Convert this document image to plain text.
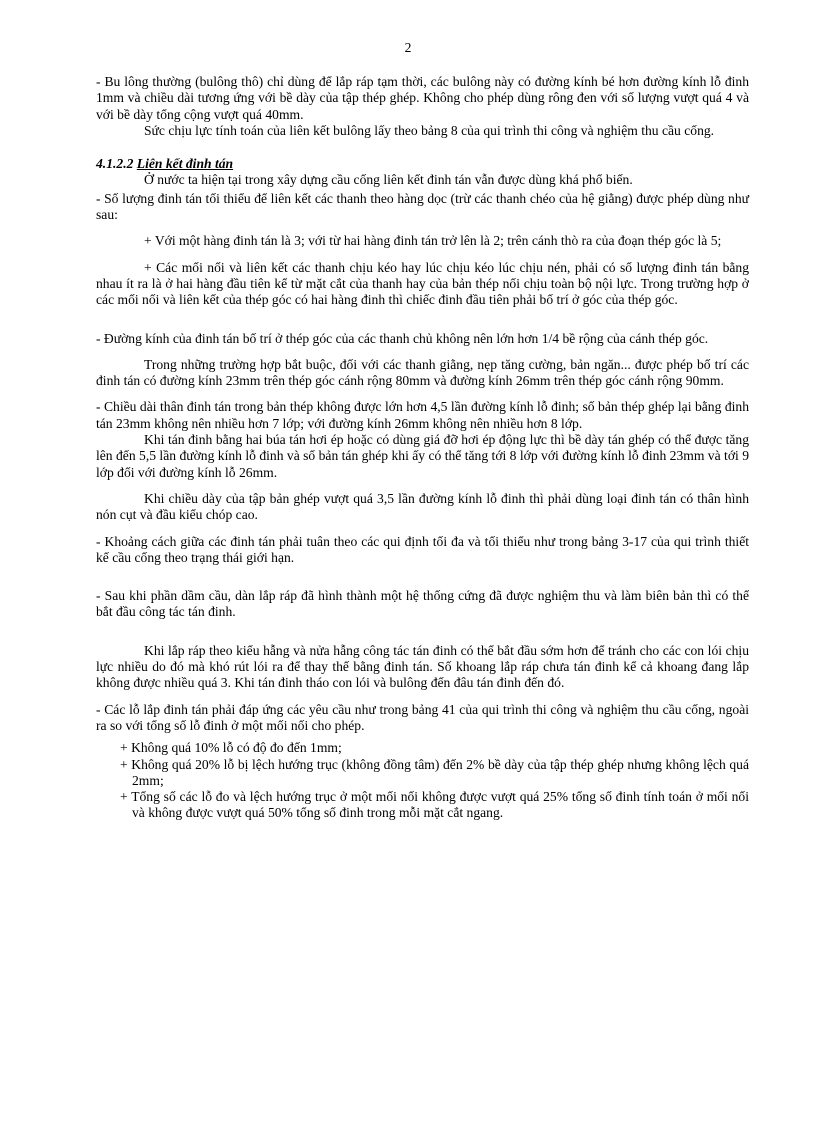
2

- Bu lông thường (bulông thô) chỉ dùng để lắp ráp tạm thời, các bulông này có đường kính bé hơn đường kính lỗ đinh 1mm và chiều dài tương ứng với bề dày của tập thép ghép. Không cho phép dùng rông đen với số lượng vượt quá 4 và với bề dày tổng cộng vượt quá 40mm.

Sức chịu lực tính toán của liên kết bulông lấy theo bảng 8 của qui trình thi công và nghiệm thu cầu cống.

4.1.2.2 Liên kết đinh tán

Ở nước ta hiện tại trong xây dựng cầu cống liên kết đinh tán vẫn được dùng khá phổ biến.

- Số lượng đinh tán tối thiểu để liên kết các thanh theo hàng dọc (trừ các thanh chéo của hệ giằng) được phép dùng như sau:

+ Với một hàng đinh tán là 3; với từ hai hàng đinh tán trở lên là 2; trên cánh thò ra của đoạn thép góc là 5;

+ Các mối nối và liên kết các thanh chịu kéo hay lúc chịu kéo lúc chịu nén, phải có số lượng đinh tán bằng nhau ít ra là ở hai hàng đầu tiên kể từ mặt cắt của thanh hay của bản thép nối chịu toàn bộ nội lực. Trong trường hợp ở các mối nối và liên kết của thép góc có hai hàng đinh thì chiếc đinh đầu tiên phải bố trí ở góc của thép góc.

- Đường kính của đinh tán bố trí ở thép góc của các thanh chủ không nên lớn hơn 1/4 bề rộng của cánh thép góc.

Trong những trường hợp bắt buộc, đối với các thanh giằng, nẹp tăng cường, bản ngăn... được phép bố trí các đinh tán có đường kính 23mm trên thép góc cánh rộng 80mm và đường kính 26mm trên thép góc cánh rộng 90mm.

- Chiều dài thân đinh tán trong bản thép không được lớn hơn 4,5 lần đường kính lỗ đinh; số bản thép ghép lại bằng đinh tán 23mm không nên nhiều hơn 7 lớp; với đường kính 26mm không nên nhiều hơn 8 lớp.

Khi tán đinh bằng hai búa tán hơi ép hoặc có dùng giá đỡ hơi ép động lực thì bề dày tán ghép có thể được tăng lên đến 5,5 lần đường kính lỗ đinh và số bản tán ghép khi ấy có thể tăng tới 8 lớp với đường kính lỗ đinh 23mm và tới 9 lớp đối với đường kính lỗ 26mm.

Khi chiều dày của tập bản ghép vượt quá 3,5 lần đường kính lỗ đinh thì phải dùng loại đinh tán có thân hình nón cụt và đầu kiểu chóp cao.

- Khoảng cách giữa các đinh tán phải tuân theo các qui định tối đa và tối thiểu như trong bảng 3-17 của qui trình thiết kế cầu cống theo trạng thái giới hạn.

- Sau khi phần dầm cầu, dàn lắp ráp đã hình thành một hệ thống cứng đã được nghiệm thu và làm biên bản thì có thể bắt đầu công tác tán đinh.

Khi lắp ráp theo kiểu hẫng và nửa hẫng công tác tán đinh có thể bắt đầu sớm hơn để tránh cho các con lói chịu lực nhiều do đó mà khó rút lói ra để thay thế bằng đinh tán. Số khoang lắp ráp chưa tán đinh kể cả khoang đang lắp không được nhiều quá 3. Khi tán đinh tháo con lói và bulông đến đâu tán đinh đến đó.

- Các lỗ lắp đinh tán phải đáp ứng các yêu cầu như trong bảng 41 của qui trình thi công và nghiệm thu cầu cống, ngoài ra so với tổng số lỗ đinh ở một mối nối cho phép.

+ Không quá 10% lỗ có độ đo đến 1mm;

+ Không quá 20% lỗ bị lệch hướng trục (không đồng tâm) đến 2% bề dày của tập thép ghép nhưng không lệch quá 2mm;

+ Tổng số các lỗ đo và lệch hướng trục ở một mối nối không được vượt quá 25% tổng số đinh tính toán ở mối nối và không được vượt quá 50% tổng số đinh trong mỗi mặt cắt ngang.
